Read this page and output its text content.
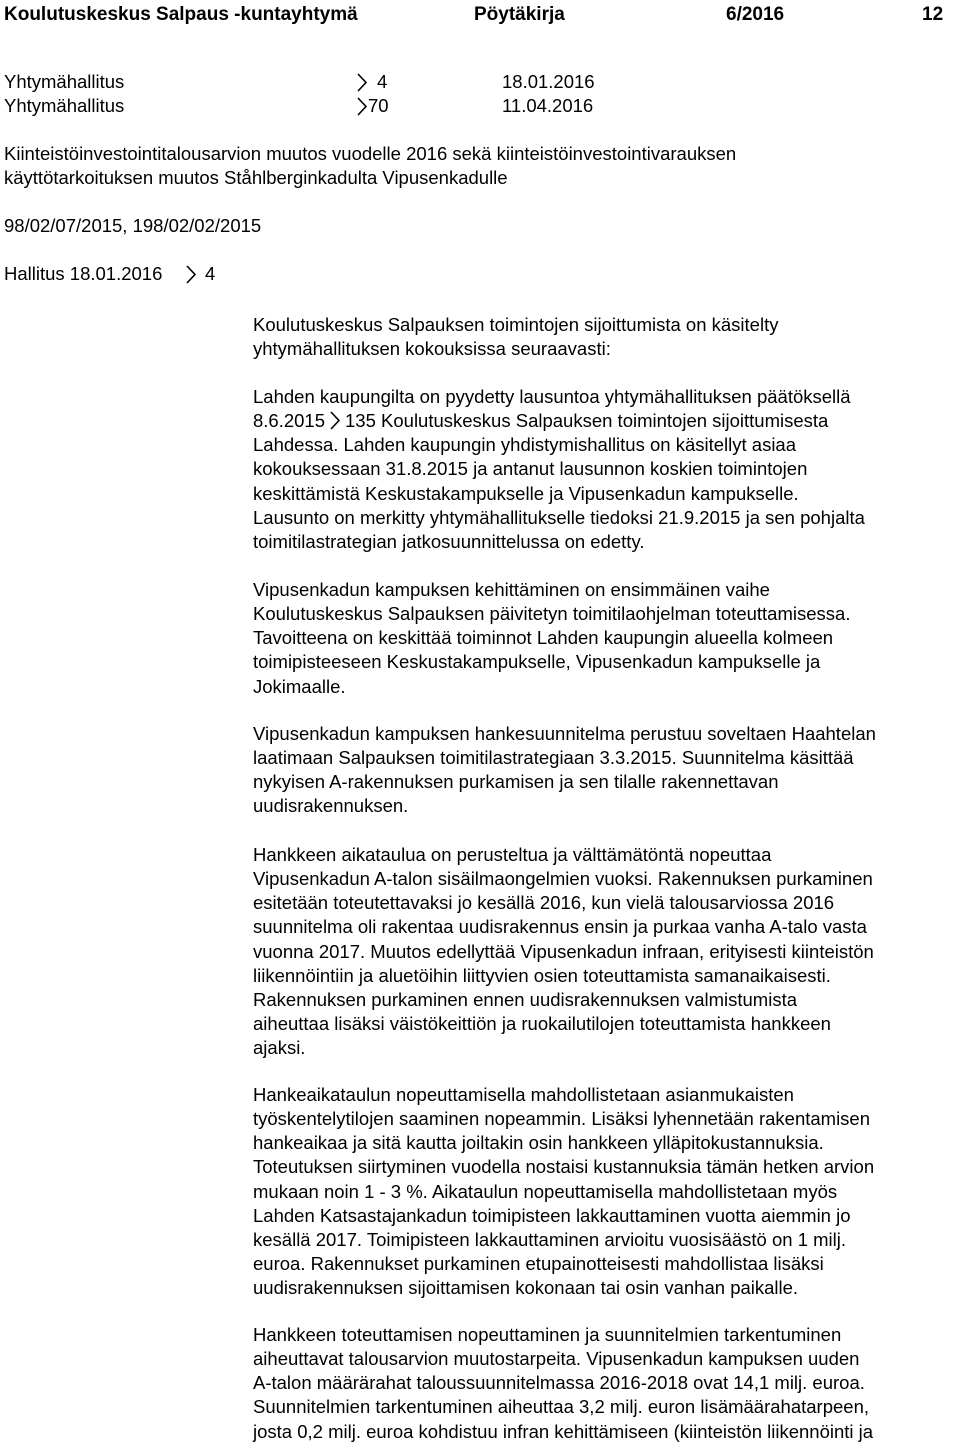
Koulutuskeskus Salpaus -kuntayhtymä	Pöytäkirja	6/2016	12
Yhtymähallitus	4	18.01.2016
Yhtymähallitus	70	11.04.2016
Kiinteistöinvestointitalousarvion muutos vuodelle 2016 sekä kiinteistöinvestointivarauksen
käyttötarkoituksen muutos Ståhlberginkadulta Vipusenkadulle
98/02/07/2015, 198/02/02/2015
Hallitus 18.01.2016 4
Koulutuskeskus Salpauksen toimintojen sijoittumista on käsitelty
yhtymähallituksen kokouksissa seuraavasti:
Lahden kaupungilta on pyydetty lausuntoa yhtymähallituksen päätöksellä
8.6.2015 135 Koulutuskeskus Salpauksen toimintojen sijoittumisesta
Lahdessa. Lahden kaupungin yhdistymishallitus on käsitellyt asiaa
kokouksessaan 31.8.2015 ja antanut lausunnon koskien toimintojen
keskittämistä Keskustakampukselle ja Vipusenkadun kampukselle.
Lausunto on merkitty yhtymähallitukselle tiedoksi 21.9.2015 ja sen pohjalta
toimitilastrategian jatkosuunnittelussa on edetty.
Vipusenkadun kampuksen kehittäminen on ensimmäinen vaihe
Koulutuskeskus Salpauksen päivitetyn toimitilaohjelman toteuttamisessa.
Tavoitteena on keskittää toiminnot Lahden kaupungin alueella kolmeen
toimipisteeseen Keskustakampukselle, Vipusenkadun kampukselle ja
Jokimaalle.
Vipusenkadun kampuksen hankesuunnitelma perustuu soveltaen Haahtelan
laatimaan Salpauksen toimitilastrategiaan 3.3.2015. Suunnitelma käsittää
nykyisen A-rakennuksen purkamisen ja sen tilalle rakennettavan
uudisrakennuksen.
Hankkeen aikataulua on perusteltua ja välttämätöntä nopeuttaa
Vipusenkadun A-talon sisäilmaongelmien vuoksi. Rakennuksen purkaminen
esitetään toteutettavaksi jo kesällä 2016, kun vielä talousarviossa 2016
suunnitelma oli rakentaa uudisrakennus ensin ja purkaa vanha A-talo vasta
vuonna 2017. Muutos edellyttää Vipusenkadun infraan, erityisesti kiinteistön
liikennöintiin ja aluetöihin liittyvien osien toteuttamista samanaikaisesti.
Rakennuksen purkaminen ennen uudisrakennuksen valmistumista
aiheuttaa lisäksi väistökeittiön ja ruokailutilojen toteuttamista hankkeen
ajaksi.
Hankeaikataulun nopeuttamisella mahdollistetaan asianmukaisten
työskentelytilojen saaminen nopeammin. Lisäksi lyhennetään rakentamisen
hankeaikaa ja sitä kautta joiltakin osin hankkeen ylläpitokustannuksia.
Toteutuksen siirtyminen vuodella nostaisi kustannuksia tämän hetken arvion
mukaan noin 1 - 3 %. Aikataulun nopeuttamisella mahdollistetaan myös
Lahden Katsastajankadun toimipisteen lakkauttaminen vuotta aiemmin jo
kesällä 2017. Toimipisteen lakkauttaminen arvioitu vuosisäästö on 1 milj.
euroa. Rakennukset purkaminen etupainotteisesti mahdollistaa lisäksi
uudisrakennuksen sijoittamisen kokonaan tai osin vanhan paikalle.
Hankkeen toteuttamisen nopeuttaminen ja suunnitelmien tarkentuminen
aiheuttavat talousarvion muutostarpeita. Vipusenkadun kampuksen uuden
A-talon määrärahat taloussuunnitelmassa 2016-2018 ovat 14,1 milj. euroa.
Suunnitelmien tarkentuminen aiheuttaa 3,2 milj. euron lisämäärahatarpeen,
josta 0,2 milj. euroa kohdistuu infran kehittämiseen (kiinteistön liikennöinti ja
